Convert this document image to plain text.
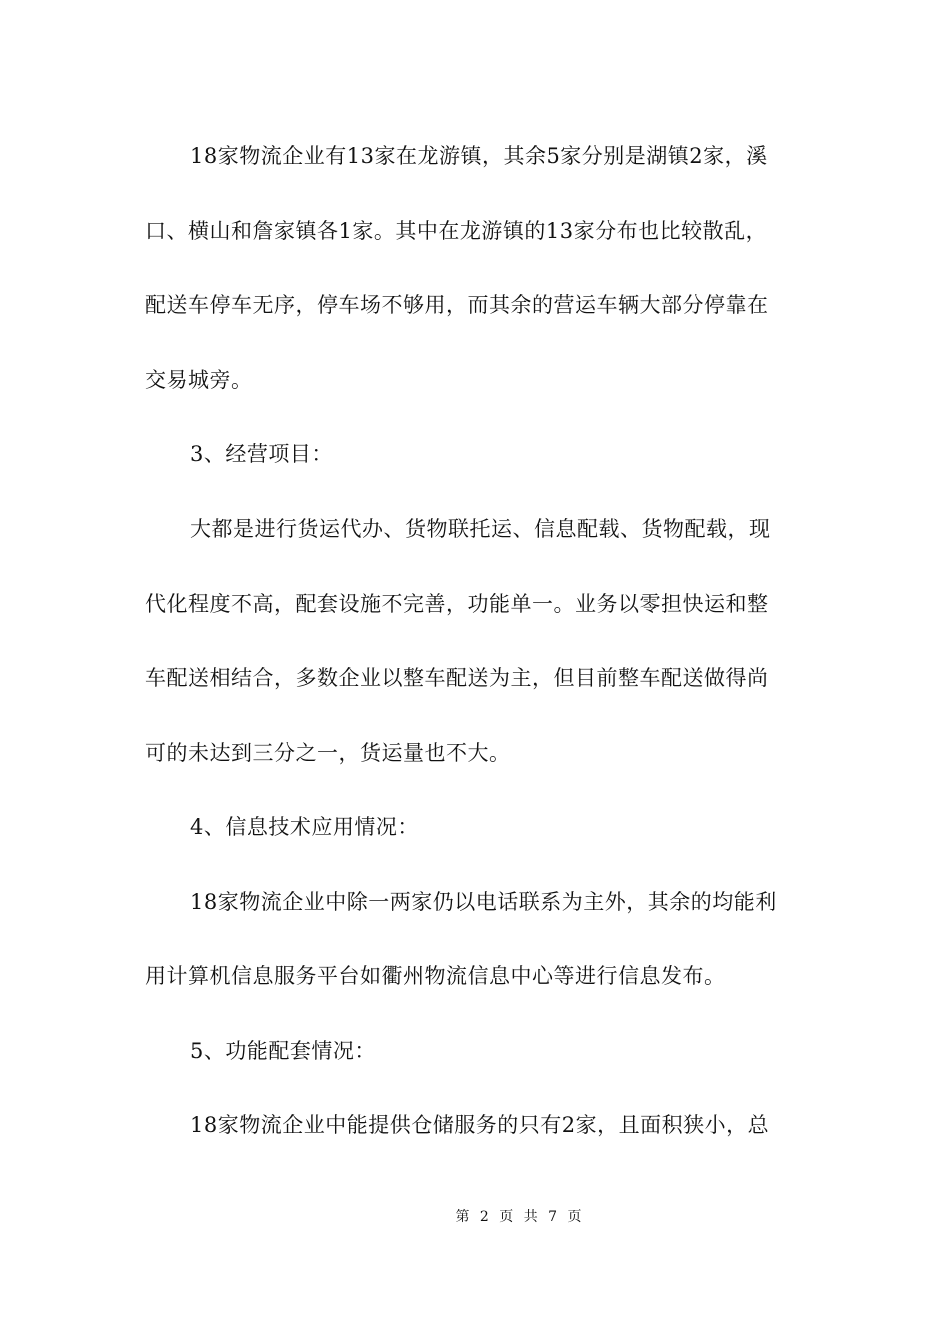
18家物流企业有13家在龙游镇，其余5家分别是湖镇2家，溪
口、横山和詹家镇各1家。其中在龙游镇的13家分布也比较散乱，
配送车停车无序，停车场不够用，而其余的营运车辆大部分停靠在
交易城旁。
3、经营项目：
大都是进行货运代办、货物联托运、信息配载、货物配载，现
代化程度不高，配套设施不完善，功能单一。业务以零担快运和整
车配送相结合，多数企业以整车配送为主，但目前整车配送做得尚
可的未达到三分之一，货运量也不大。
4、信息技术应用情况：
18家物流企业中除一两家仍以电话联系为主外，其余的均能利
用计算机信息服务平台如衢州物流信息中心等进行信息发布。
5、功能配套情况：
18家物流企业中能提供仓储服务的只有2家，且面积狭小，总
第 2 页 共 7 页
